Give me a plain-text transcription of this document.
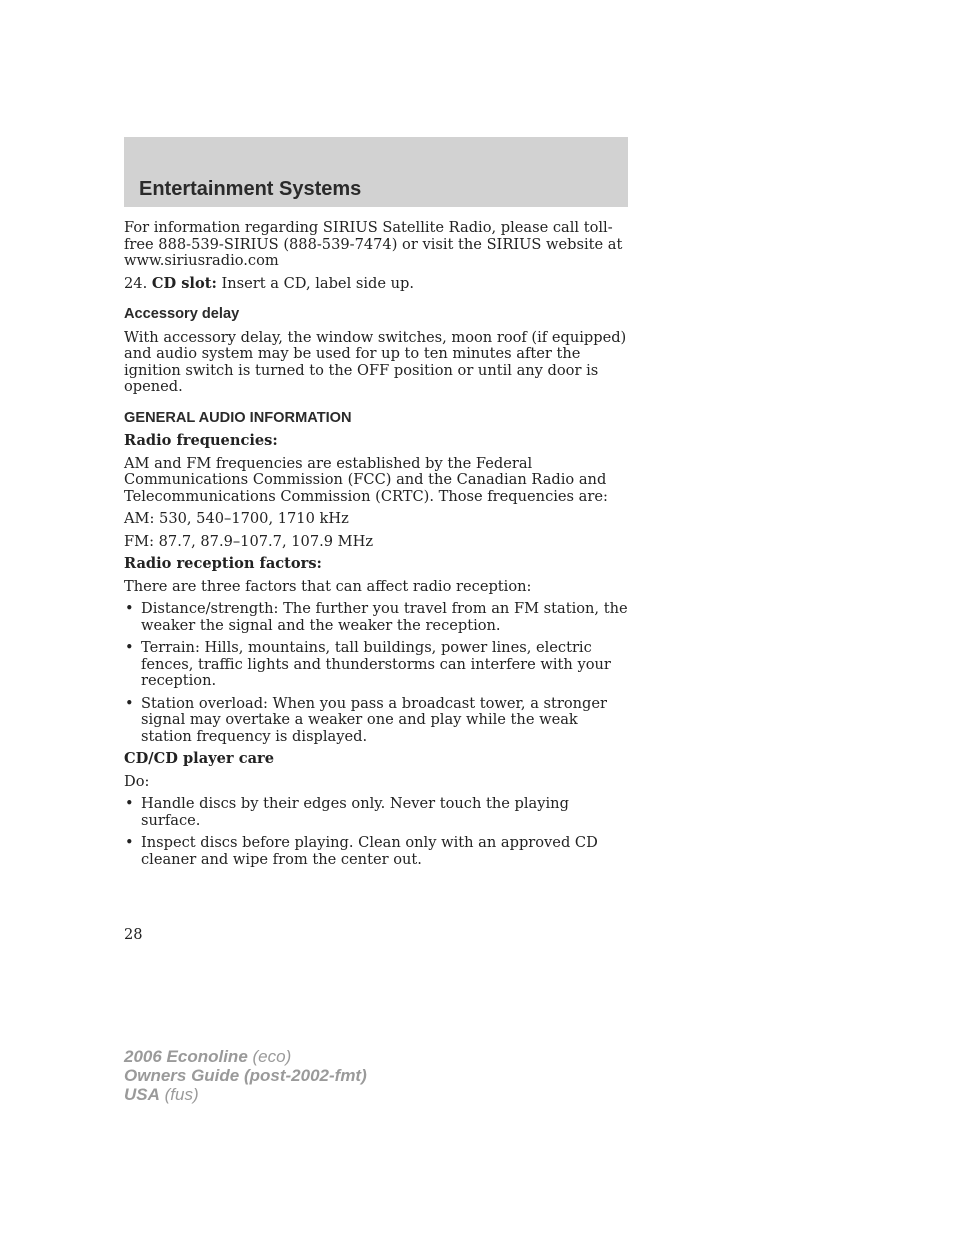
Entertainment Systems

For information regarding SIRIUS Satellite Radio, please call toll-free 888-539-SIRIUS (888-539-7474) or visit the SIRIUS website at www.siriusradio.com

24. CD slot: Insert a CD, label side up.

Accessory delay

With accessory delay, the window switches, moon roof (if equipped) and audio system may be used for up to ten minutes after the ignition switch is turned to the OFF position or until any door is opened.

GENERAL AUDIO INFORMATION

Radio frequencies:

AM and FM frequencies are established by the Federal Communications Commission (FCC) and the Canadian Radio and Telecommunications Commission (CRTC). Those frequencies are:

AM: 530, 540–1700, 1710 kHz

FM: 87.7, 87.9–107.7, 107.9 MHz

Radio reception factors:

There are three factors that can affect radio reception:

• Distance/strength: The further you travel from an FM station, the weaker the signal and the weaker the reception.
• Terrain: Hills, mountains, tall buildings, power lines, electric fences, traffic lights and thunderstorms can interfere with your reception.
• Station overload: When you pass a broadcast tower, a stronger signal may overtake a weaker one and play while the weak station frequency is displayed.

CD/CD player care

Do:

• Handle discs by their edges only. Never touch the playing surface.
• Inspect discs before playing. Clean only with an approved CD cleaner and wipe from the center out.
28
2006 Econoline (eco)
Owners Guide (post-2002-fmt)
USA (fus)
